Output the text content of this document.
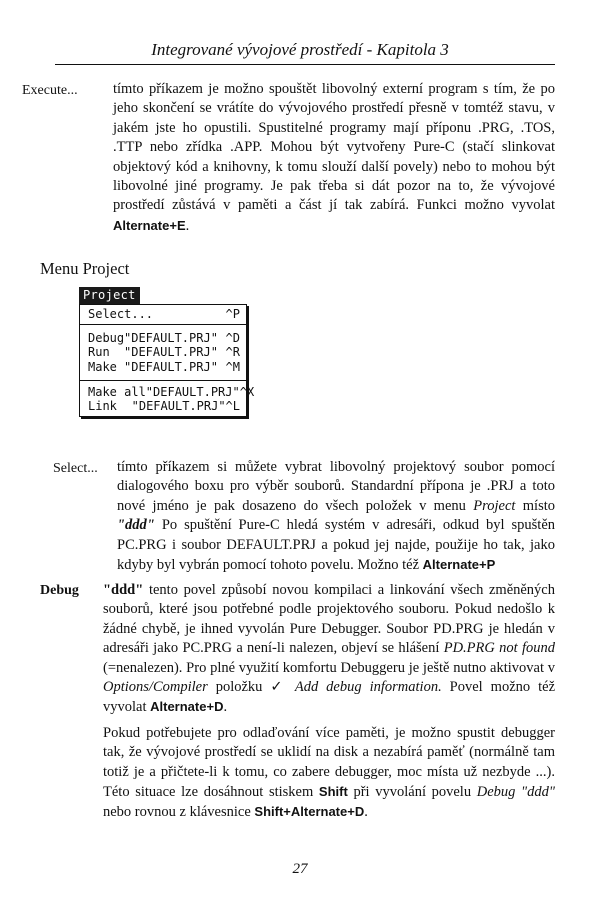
Integrované vývojové prostředí - Kapitola 3
Execute... tímto příkazem je možno spouštět libovolný externí program s tím, že po jeho skončení se vrátíte do vývojového prostředí přesně v tomtéž stavu, v jakém jste ho opustili. Spustitelné programy mají příponu .PRG, .TOS, .TTP nebo zřídka .APP. Mohou být vytvořeny Pure-C (stačí slinkovat objektový kód a knihovny, k tomu slouží další povely) nebo to mohou být libovolné jiné programy. Je pak třeba si dát pozor na to, že vývojové prostředí zůstává v paměti a část jí tak zabírá. Funkci možno vyvolat Alternate+E.

Menu Project
Project
Select...	^P
Debug "DEFAULT.PRJ" ^D
Run	"DEFAULT.PRJ" ^R
Make "DEFAULT.PRJ" ^M
Make all "DEFAULT.PRJ" ^X
Link	"DEFAULT.PRJ" ^L
Select... tímto příkazem si můžete vybrat libovolný projektový soubor pomocí dialogového boxu pro výběr souborů. Standardní přípona je .PRJ a toto nové jméno je pak dosazeno do všech položek v menu Project místo "ddd" Po spuštění Pure-C hledá systém v adresáři, odkud byl spuštěn PC.PRG i soubor DEFAULT.PRJ a pokud jej najde, použije ho tak, jako kdyby byl vybrán pomocí tohoto povelu. Možno též Alternate+P

Debug "ddd" tento povel způsobí novou kompilaci a linkování všech změněných souborů, které jsou potřebné podle projektového souboru. Pokud nedošlo k žádné chybě, je ihned vyvolán Pure Debugger. Soubor PD.PRG je hledán v adresáři jako PC.PRG a není-li nalezen, objeví se hlášení PD.PRG not found (=nenalezen). Pro plné využití komfortu Debuggeru je ještě nutno aktivovat v Options/Compiler položku ✓ Add debug information. Povel možno též vyvolat Alternate+D.

Pokud potřebujete pro odlaďování více paměti, je možno spustit debugger tak, že vývojové prostředí se uklidí na disk a nezabírá paměť (normálně tam totiž je a přičtete-li k tomu, co zabere debugger, moc místa už nezbyde ...). Této situace lze dosáhnout stiskem Shift při vyvolání povelu Debug "ddd" nebo rovnou z klávesnice Shift+Alternate+D.

27
